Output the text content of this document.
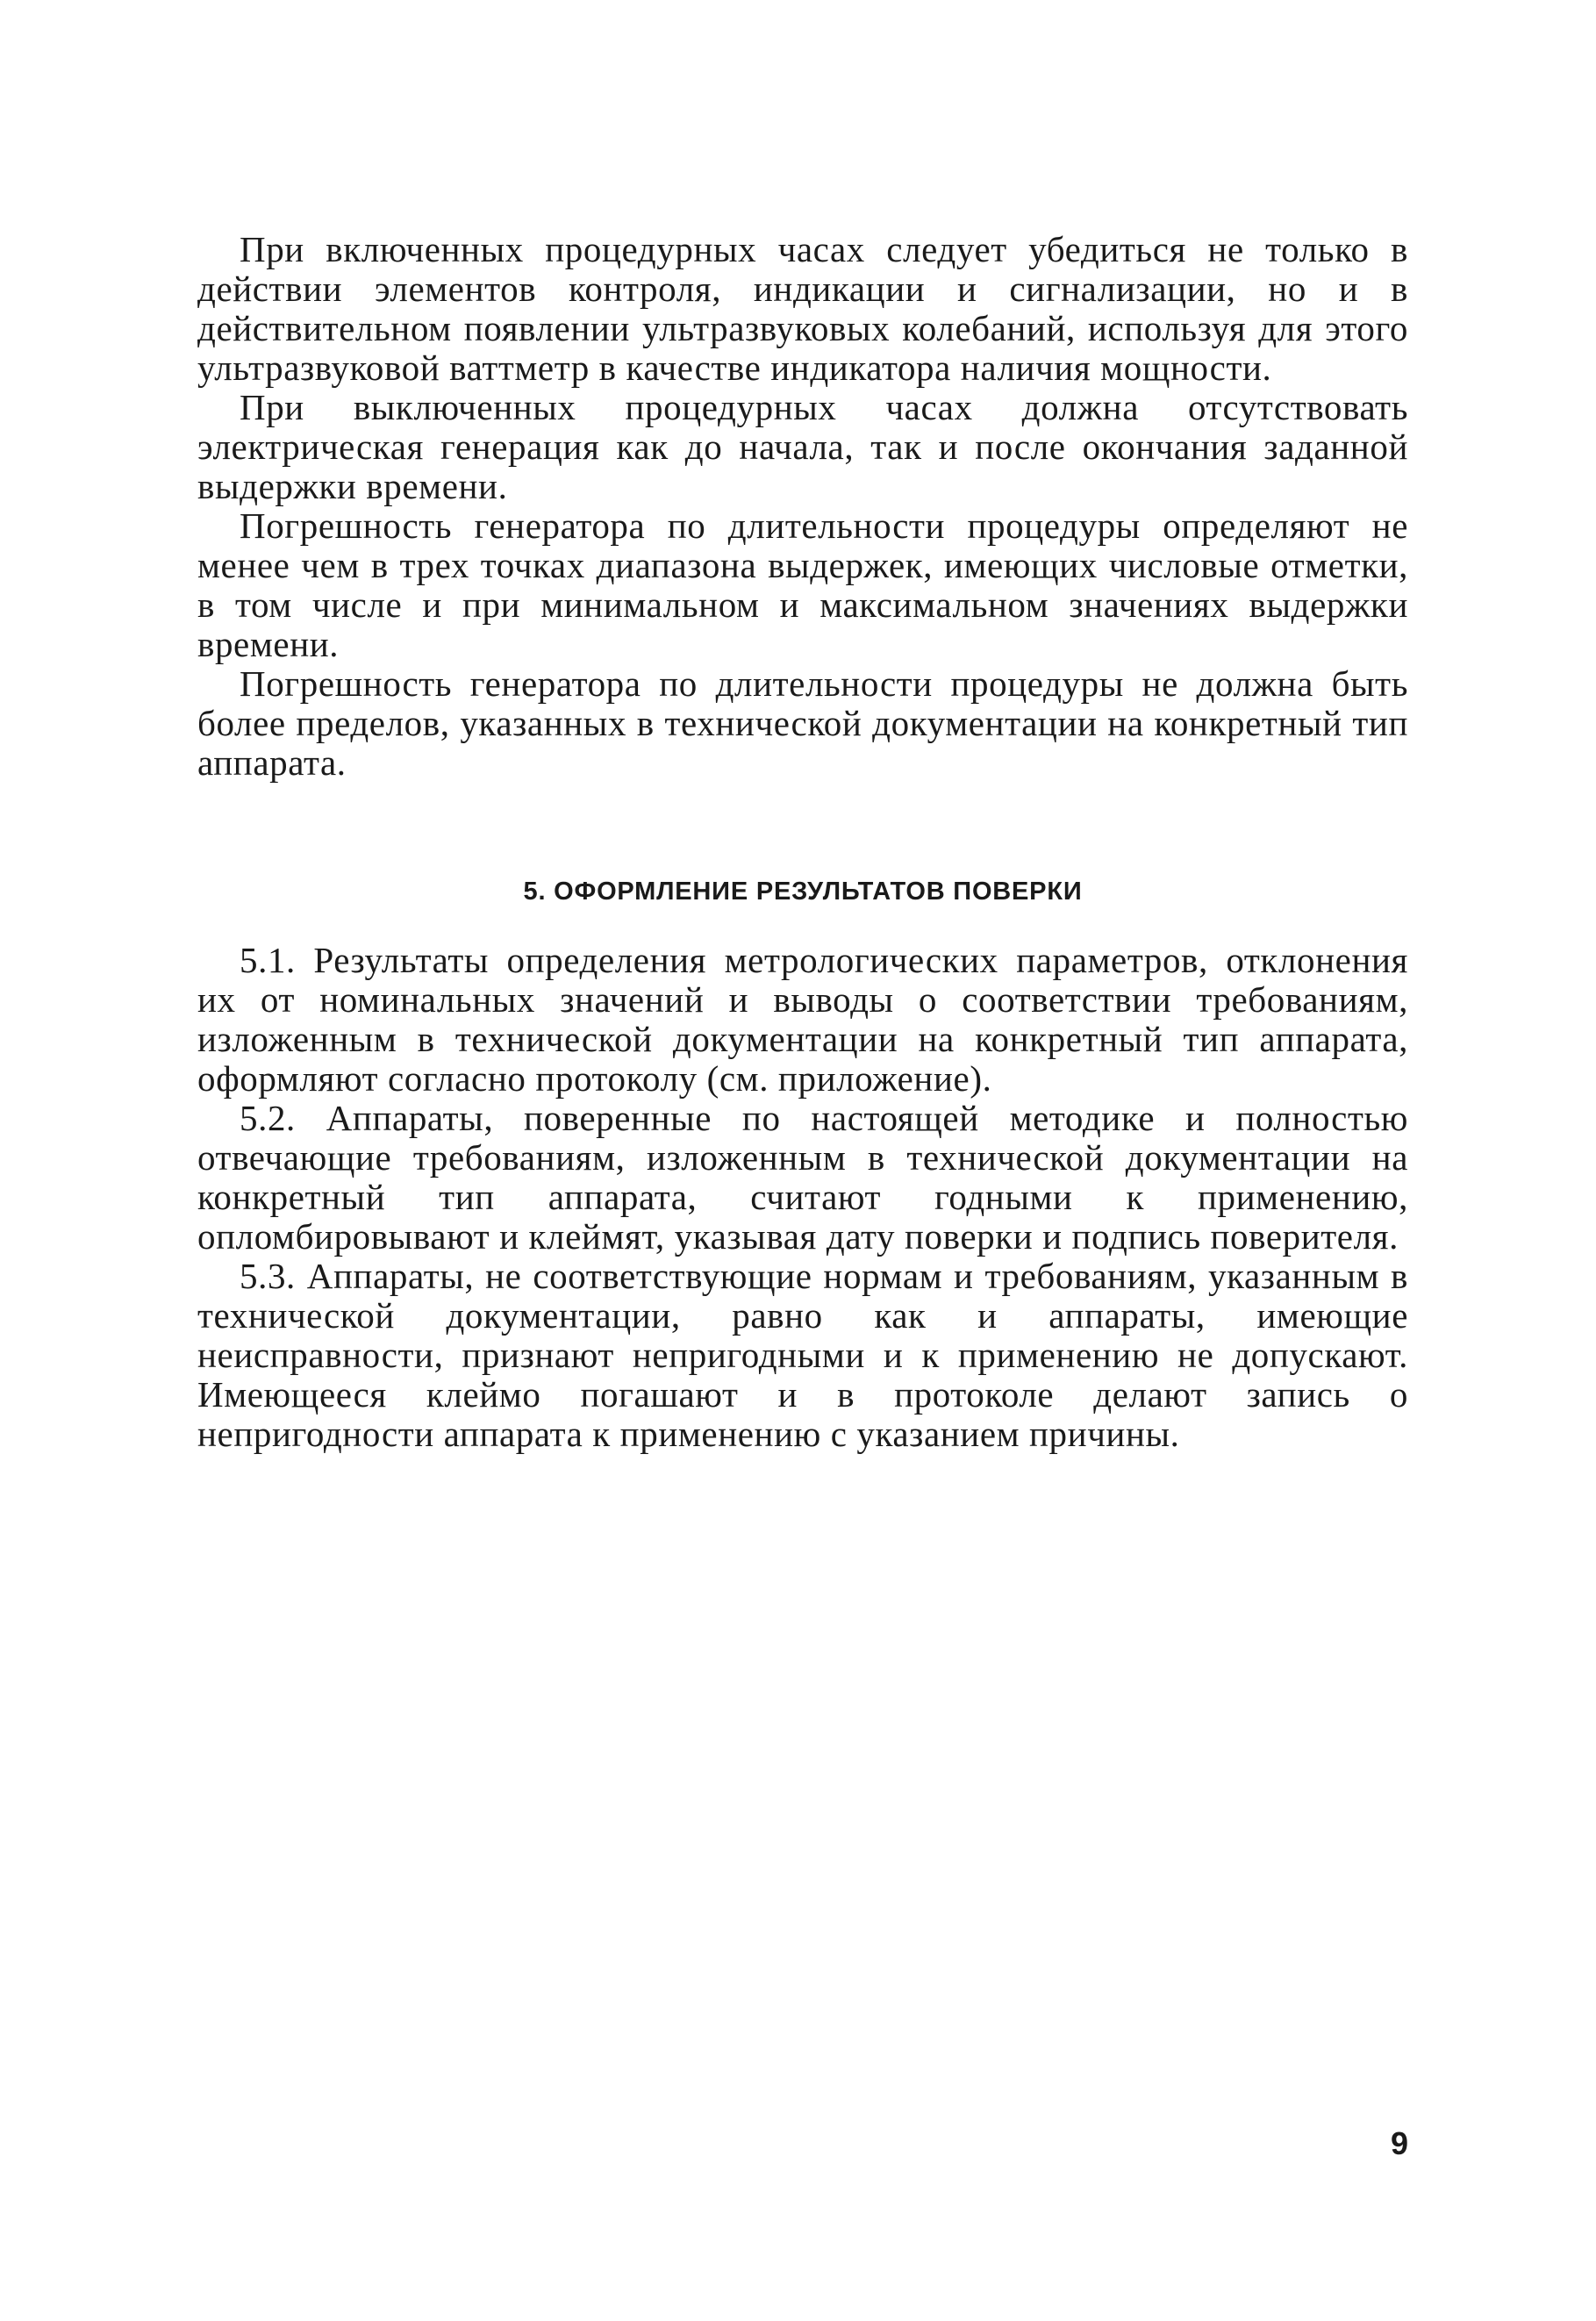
При включенных процедурных часах следует убедиться не только в действии элементов контроля, индикации и сигнализации, но и в действительном появлении ультразвуковых колебаний, используя для этого ультразвуковой ваттметр в качестве индикатора наличия мощности.

При выключенных процедурных часах должна отсутствовать электрическая генерация как до начала, так и после окончания заданной выдержки времени.

Погрешность генератора по длительности процедуры определяют не менее чем в трех точках диапазона выдержек, имеющих числовые отметки, в том числе и при минимальном и максимальном значениях выдержки времени.

Погрешность генератора по длительности процедуры не должна быть более пределов, указанных в технической документации на конкретный тип аппарата.

5. ОФОРМЛЕНИЕ РЕЗУЛЬТАТОВ ПОВЕРКИ

5.1. Результаты определения метрологических параметров, отклонения их от номинальных значений и выводы о соответствии требованиям, изложенным в технической документации на конкретный тип аппарата, оформляют согласно протоколу (см. приложение).

5.2. Аппараты, поверенные по настоящей методике и полностью отвечающие требованиям, изложенным в технической документации на конкретный тип аппарата, считают годными к применению, опломбировывают и клеймят, указывая дату поверки и подпись поверителя.

5.3. Аппараты, не соответствующие нормам и требованиям, указанным в технической документации, равно как и аппараты, имеющие неисправности, признают непригодными и к применению не допускают. Имеющееся клеймо погашают и в протоколе делают запись о непригодности аппарата к применению с указанием причины.

9
